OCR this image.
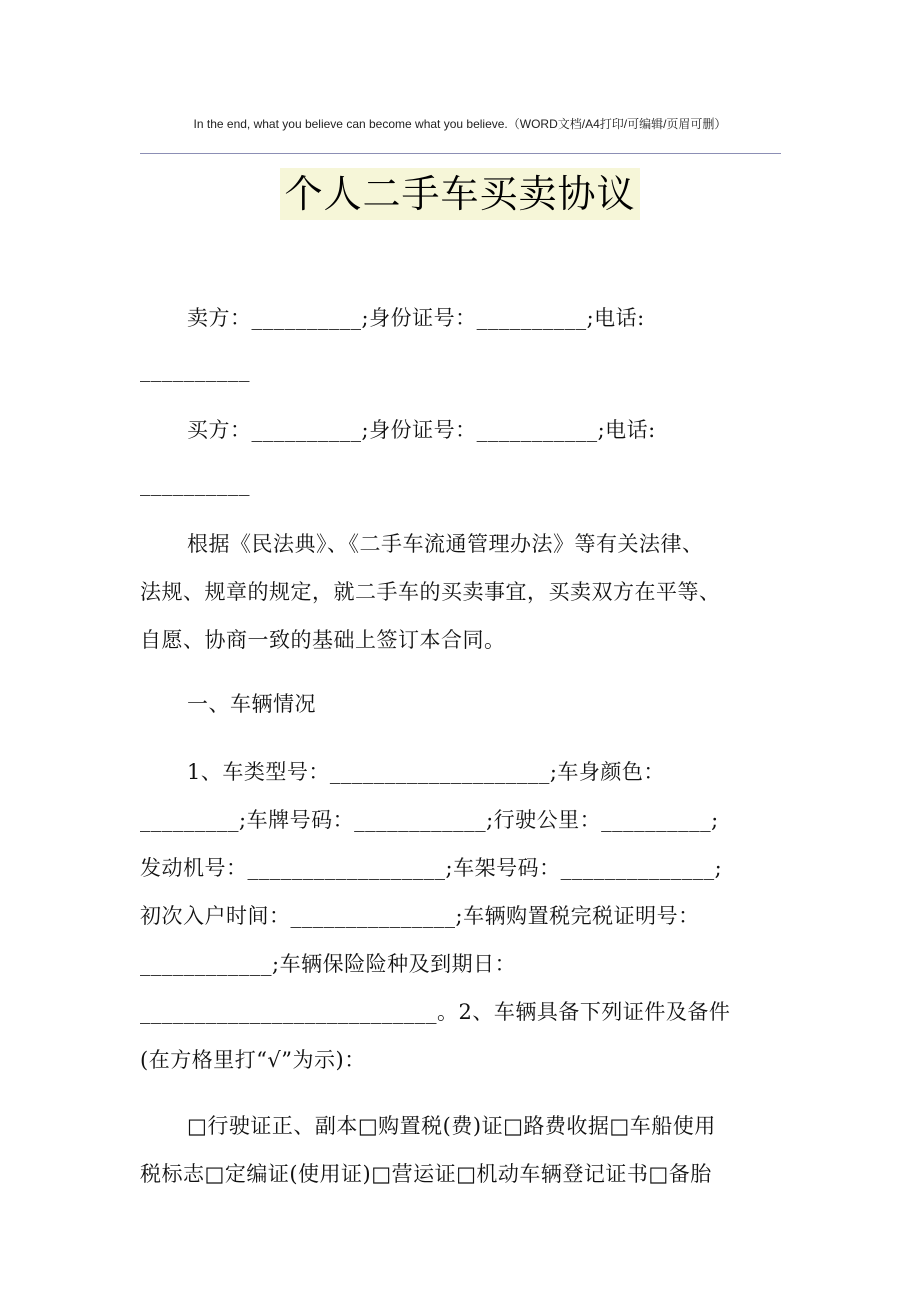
In the end, what you believe can become what you believe.（WORD文档/A4打印/可编辑/页眉可删）
个人二手车买卖协议
卖方：__________;身份证号：__________;电话:
__________
买方：__________;身份证号：___________;电话:
__________
根据《民法典》、《二手车流通管理办法》等有关法律、
法规、规章的规定，就二手车的买卖事宜，买卖双方在平等、
自愿、协商一致的基础上签订本合同。
一、车辆情况
1、车类型号：____________________;车身颜色：
_________;车牌号码：____________;行驶公里：__________;
发动机号：__________________;车架号码：______________;
初次入户时间：_______________;车辆购置税完税证明号：
____________;车辆保险险种及到期日：
___________________________。2、车辆具备下列证件及备件
(在方格里打“√”为示)：
□行驶证正、副本□购置税(费)证□路费收据□车船使用
税标志□定编证(使用证)□营运证□机动车辆登记证书□备胎
